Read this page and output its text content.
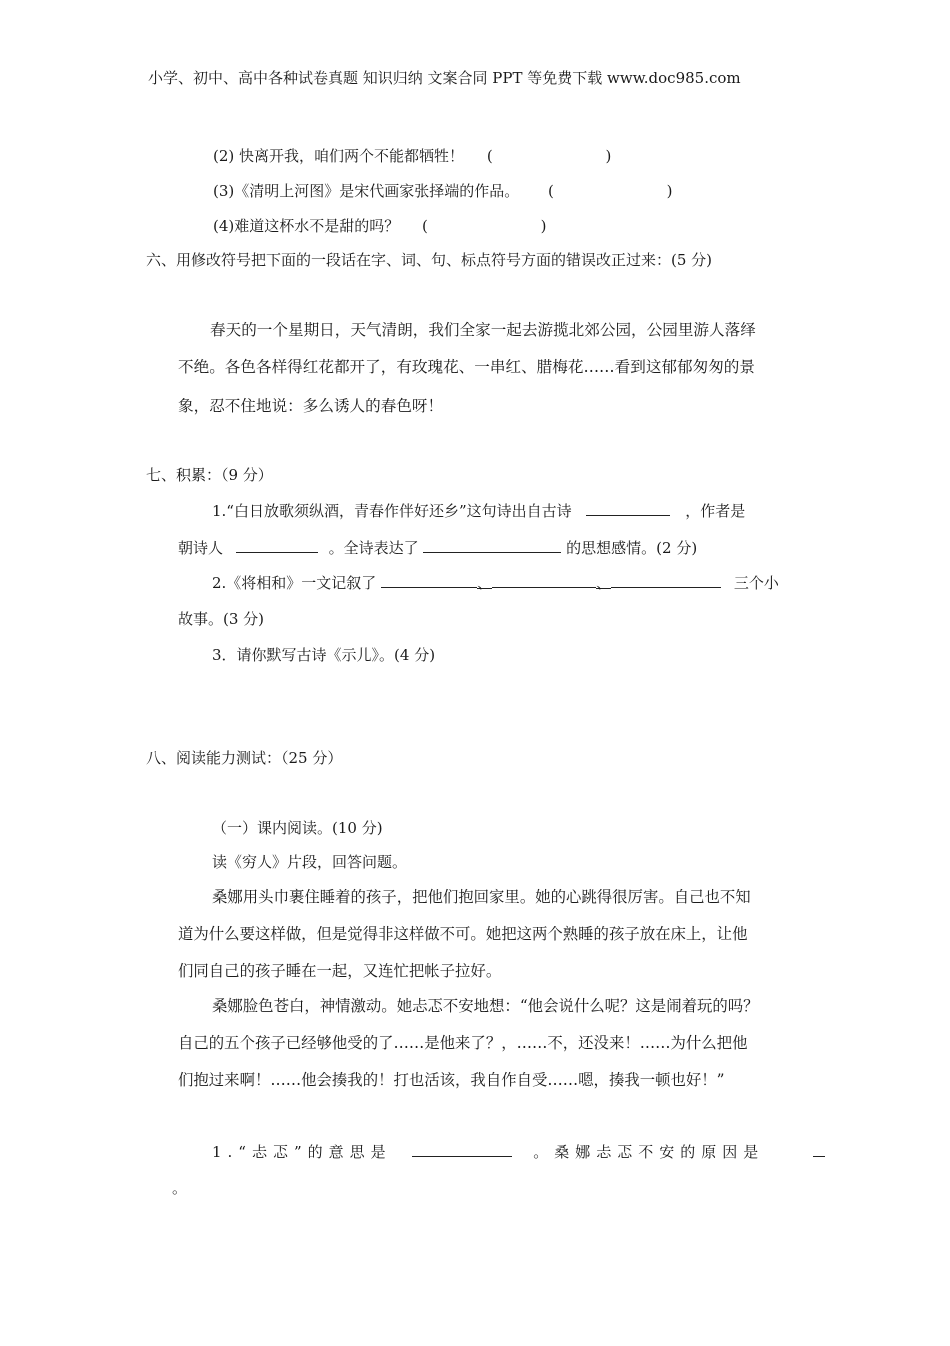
小学、初中、高中各种试卷真题 知识归纳 文案合同 PPT 等免费下载 www.doc985.com
(2) 快离开我，咱们两个不能都牺牲！ (	)
(3)《清明上河图》是宋代画家张择端的作品。 (	)
(4)难道这杯水不是甜的吗？ (	)
六、用修改符号把下面的一段话在字、词、句、标点符号方面的错误改正过来：(5 分)
春天的一个星期日，天气清朗，我们全家一起去游揽北郊公园，公园里游人落绎
不绝。各色各样得红花都开了，有玫瑰花、一串红、腊梅花……看到这郁郁匆匆的景
象，忍不住地说：多么诱人的春色呀！
七、积累：（9 分）
1.“白日放歌须纵酒，青春作伴好还乡”这句诗出自古诗	，作者是
朝诗人	。全诗表达了	的思想感情。(2 分)
2.《将相和》一文记叙了	、	、	三个小
故事。(3 分)
3．请你默写古诗《示儿》。(4 分)
八、阅读能力测试：（25 分）
（一）课内阅读。(10 分)
读《穷人》片段，回答问题。
桑娜用头巾裹住睡着的孩子，把他们抱回家里。她的心跳得很厉害。自己也不知
道为什么要这样做，但是觉得非这样做不可。她把这两个熟睡的孩子放在床上，让他
们同自己的孩子睡在一起，又连忙把帐子拉好。
桑娜脸色苍白，神情激动。她忐忑不安地想：“他会说什么呢？这是闹着玩的吗？
自己的五个孩子已经够他受的了……是他来了？，……不，还没来！……为什么把他
们抱过来啊！……他会揍我的！打也活该，我自作自受……嗯，揍我一顿也好！”
1.“忐忑”的意思是	。桑娜忐忑不安的原因是
。
